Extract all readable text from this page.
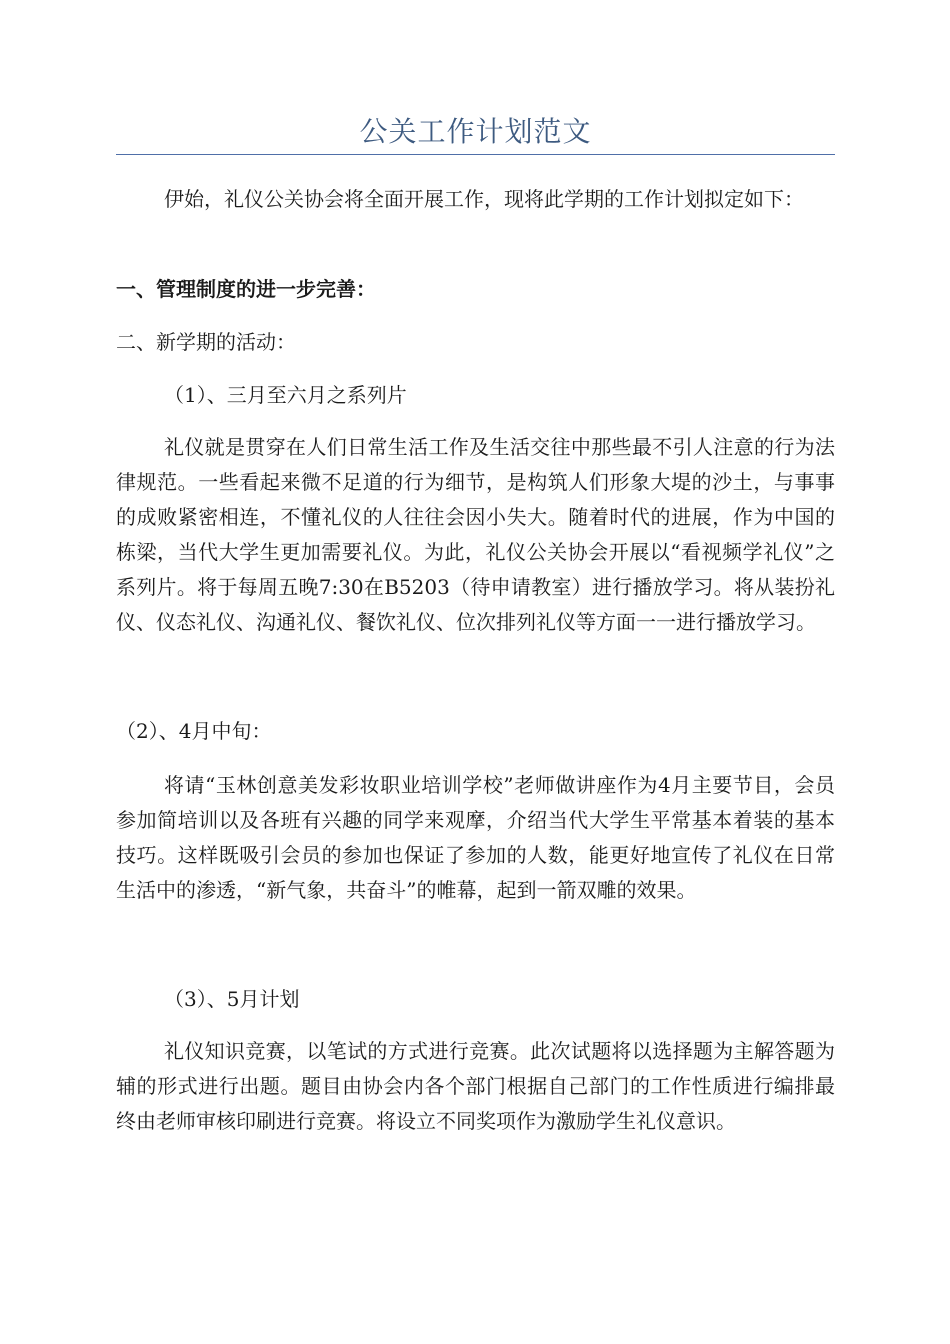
公关工作计划范文

伊始，礼仪公关协会将全面开展工作，现将此学期的工作计划拟定如下：

一、管理制度的进一步完善：

二、新学期的活动：

（1）、三月至六月之系列片

礼仪就是贯穿在人们日常生活工作及生活交往中那些最不引人注意的行为法律规范。一些看起来微不足道的行为细节，是构筑人们形象大堤的沙土，与事事的成败紧密相连，不懂礼仪的人往往会因小失大。随着时代的进展，作为中国的栋梁，当代大学生更加需要礼仪。为此，礼仪公关协会开展以“看视频学礼仪”之系列片。将于每周五晚7:30在B5203（待申请教室）进行播放学习。将从装扮礼仪、仪态礼仪、沟通礼仪、餐饮礼仪、位次排列礼仪等方面一一进行播放学习。

（2）、4月中旬：

将请“玉林创意美发彩妆职业培训学校”老师做讲座作为4月主要节目，会员参加简培训以及各班有兴趣的同学来观摩，介绍当代大学生平常基本着装的基本技巧。这样既吸引会员的参加也保证了参加的人数，能更好地宣传了礼仪在日常生活中的渗透，“新气象，共奋斗”的帷幕，起到一箭双雕的效果。

（3）、5月计划

礼仪知识竞赛，以笔试的方式进行竞赛。此次试题将以选择题为主解答题为辅的形式进行出题。题目由协会内各个部门根据自己部门的工作性质进行编排最终由老师审核印刷进行竞赛。将设立不同奖项作为激励学生礼仪意识。
